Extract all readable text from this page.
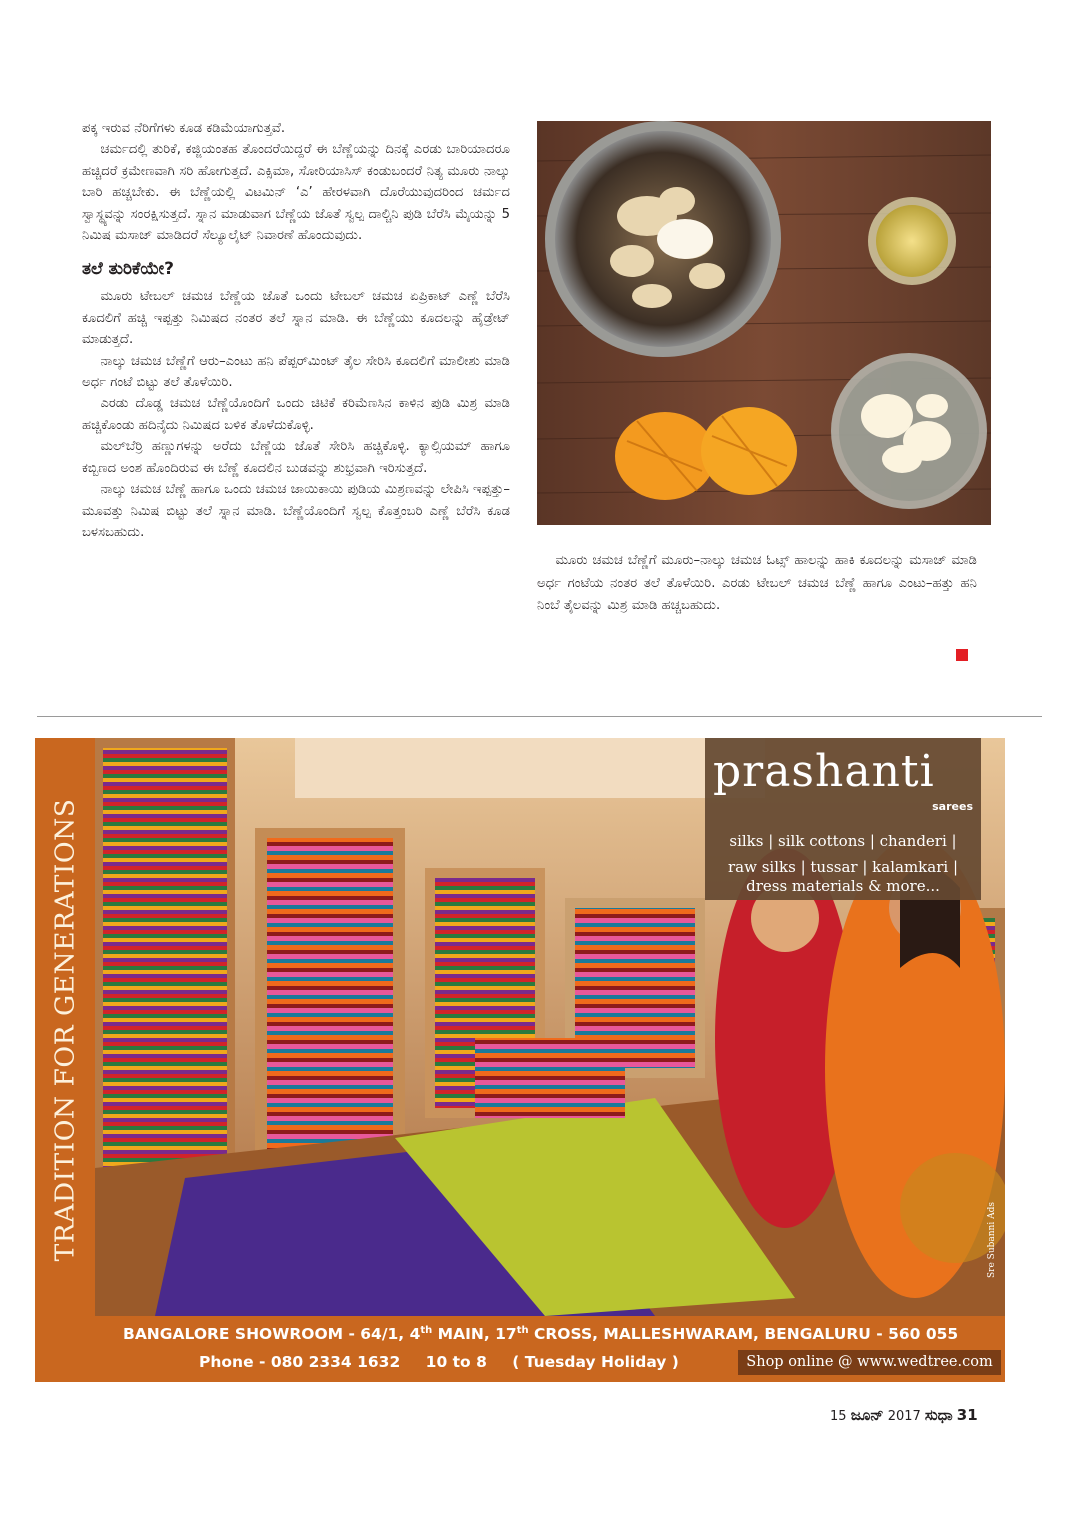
ಪಕ್ಕ ಇರುವ ನೆರಿಗೆಗಳು ಕೂಡ ಕಡಿಮೆಯಾಗುತ್ತವೆ.

ಚರ್ಮದಲ್ಲಿ ತುರಿಕೆ, ಕಜ್ಜಿಯಂತಹ ತೊಂದರೆಯಿದ್ದರೆ ಈ ಬೆಣ್ಣೆಯನ್ನು ದಿನಕ್ಕೆ ಎರಡು ಬಾರಿಯಾದರೂ ಹಚ್ಚಿದರೆ ಕ್ರಮೇಣವಾಗಿ ಸರಿ ಹೋಗುತ್ತದೆ. ಎಕ್ಸಿಮಾ, ಸೋರಿಯಾಸಿಸ್ ಕಂಡುಬಂದರೆ ನಿತ್ಯ ಮೂರು ನಾಲ್ಕು ಬಾರಿ ಹಚ್ಚಬೇಕು. ಈ ಬೆಣ್ಣೆಯಲ್ಲಿ ವಿಟಮಿನ್ ‘ಎ’ ಹೇರಳವಾಗಿ ದೊರೆಯುವುದರಿಂದ ಚರ್ಮದ ಸ್ವಾಸ್ಥ್ಯವನ್ನು ಸಂರಕ್ಷಿಸುತ್ತದೆ. ಸ್ನಾನ ಮಾಡುವಾಗ ಬೆಣ್ಣೆಯ ಜೊತೆ ಸ್ವಲ್ಪ ದಾಲ್ಚಿನಿ ಪುಡಿ ಬೆರೆಸಿ ಮೈಯನ್ನು 5 ನಿಮಿಷ ಮಸಾಜ್ ಮಾಡಿದರೆ ಸೆಲ್ಯೂಲೈಟ್ ನಿವಾರಣೆ ಹೊಂದುವುದು.

ತಲೆ ತುರಿಕೆಯೇ?

ಮೂರು ಟೇಬಲ್ ಚಮಚ ಬೆಣ್ಣೆಯ ಜೊತೆ ಒಂದು ಟೇಬಲ್ ಚಮಚ ಏಪ್ರಿಕಾಟ್ ಎಣ್ಣೆ ಬೆರೆಸಿ ಕೂದಲಿಗೆ ಹಚ್ಚಿ ಇಪ್ಪತ್ತು ನಿಮಿಷದ ನಂತರ ತಲೆ ಸ್ನಾನ ಮಾಡಿ. ಈ ಬೆಣ್ಣೆಯು ಕೂದಲನ್ನು ಹೈಡ್ರೇಟ್ ಮಾಡುತ್ತದೆ.

ನಾಲ್ಕು ಚಮಚ ಬೆಣ್ಣೆಗೆ ಆರು–ಎಂಟು ಹನಿ ಪೆಪ್ಪರ್‌ಮಿಂಟ್ ತೈಲ ಸೇರಿಸಿ ಕೂದಲಿಗೆ ಮಾಲೀಶು ಮಾಡಿ ಅರ್ಧ ಗಂಟೆ ಬಿಟ್ಟು ತಲೆ ತೊಳೆಯಿರಿ.

ಎರಡು ದೊಡ್ಡ ಚಮಚ ಬೆಣ್ಣೆಯೊಂದಿಗೆ ಒಂದು ಚಿಟಿಕೆ ಕರಿಮೆಣಸಿನ ಕಾಳಿನ ಪುಡಿ ಮಿಶ್ರ ಮಾಡಿ ಹಚ್ಚಿಕೊಂಡು ಹದಿನೈದು ನಿಮಿಷದ ಬಳಿಕ ತೊಳೆದುಕೊಳ್ಳಿ.

ಮಲ್‌ಬೆರ್ರಿ ಹಣ್ಣುಗಳನ್ನು ಅರೆದು ಬೆಣ್ಣೆಯ ಜೊತೆ ಸೇರಿಸಿ ಹಚ್ಚಿಕೊಳ್ಳಿ. ಕ್ಯಾಲ್ಸಿಯಮ್ ಹಾಗೂ ಕಬ್ಬಿಣದ ಅಂಶ ಹೊಂದಿರುವ ಈ ಬೆಣ್ಣೆ ಕೂದಲಿನ ಬುಡವನ್ನು ಶುಭ್ರವಾಗಿ ಇರಿಸುತ್ತದೆ.

ನಾಲ್ಕು ಚಮಚ ಬೆಣ್ಣೆ ಹಾಗೂ ಒಂದು ಚಮಚ ಜಾಯಿಕಾಯಿ ಪುಡಿಯ ಮಿಶ್ರಣವನ್ನು ಲೇಪಿಸಿ ಇಪ್ಪತ್ತು–ಮೂವತ್ತು ನಿಮಿಷ ಬಿಟ್ಟು ತಲೆ ಸ್ನಾನ ಮಾಡಿ. ಬೆಣ್ಣೆಯೊಂದಿಗೆ ಸ್ವಲ್ಪ ಕೊತ್ತಂಬರಿ ಎಣ್ಣೆ ಬೆರೆಸಿ ಕೂಡ ಬಳಸಬಹುದು.

ಮೂರು ಚಮಚ ಬೆಣ್ಣೆಗೆ ಮೂರು–ನಾಲ್ಕು ಚಮಚ ಓಟ್ಸ್ ಹಾಲನ್ನು ಹಾಕಿ ಕೂದಲನ್ನು ಮಸಾಜ್ ಮಾಡಿ ಅರ್ಧ ಗಂಟೆಯ ನಂತರ ತಲೆ ತೊಳೆಯಿರಿ. ಎರಡು ಟೇಬಲ್ ಚಮಚ ಬೆಣ್ಣೆ ಹಾಗೂ ಎಂಟು–ಹತ್ತು ಹನಿ ನಿಂಬೆ ತೈಲವನ್ನು ಮಿಶ್ರ ಮಾಡಿ ಹಚ್ಚಬಹುದು.
TRADITION FOR GENERATIONS
prashanti
sarees
silks | silk cottons | chanderi |
raw silks | tussar | kalamkari |
dress materials & more...
Sre Subanni Ads
BANGALORE SHOWROOM - 64/1, 4th MAIN, 17th CROSS, MALLESHWARAM, BENGALURU - 560 055
Phone - 080 2334 1632 10 to 8 ( Tuesday Holiday )	Shop online @ www.wedtree.com
15 ಜೂನ್ 2017 ಸುಧಾ 31
